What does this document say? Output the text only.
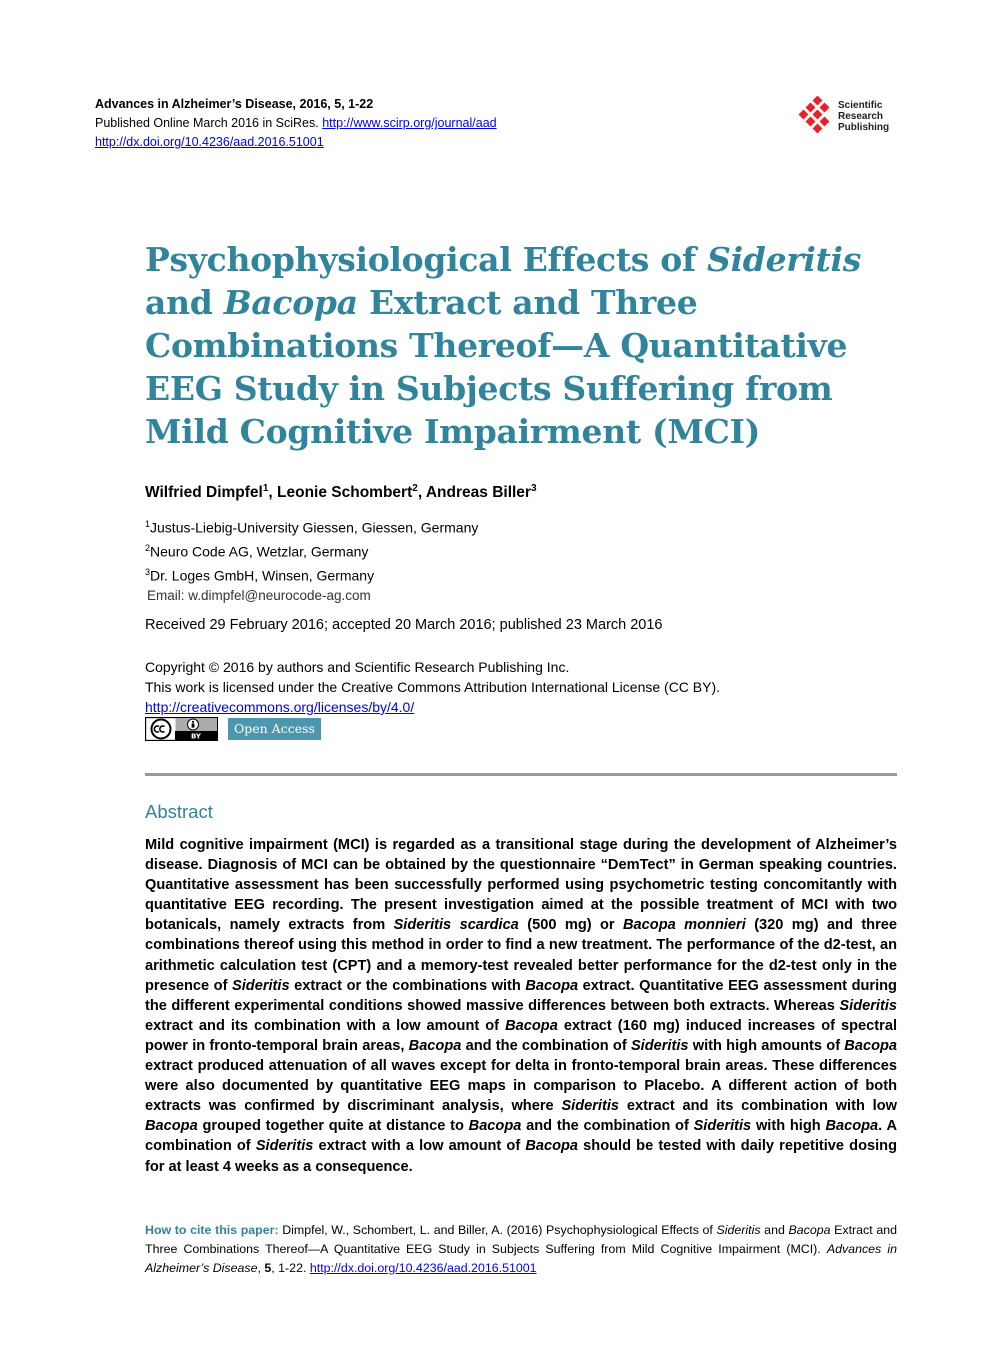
Advances in Alzheimer’s Disease, 2016, 5, 1-22
Published Online March 2016 in SciRes. http://www.scirp.org/journal/aad
http://dx.doi.org/10.4236/aad.2016.51001
Scientific
Research
Publishing
Psychophysiological Effects of Sideritis and Bacopa Extract and Three Combinations Thereof—A Quantitative EEG Study in Subjects Suffering from Mild Cognitive Impairment (MCI)
Wilfried Dimpfel$^1$, Leonie Schombert$^2$, Andreas Biller$^3$
$^1$Justus-Liebig-University Giessen, Giessen, Germany
$^2$Neuro Code AG, Wetzlar, Germany
$^3$Dr. Loges GmbH, Winsen, Germany
Email: w.dimpfel@neurocode-ag.com
Received 29 February 2016; accepted 20 March 2016; published 23 March 2016
Copyright © 2016 by authors and Scientific Research Publishing Inc.
This work is licensed under the Creative Commons Attribution International License (CC BY).
http://creativecommons.org/licenses/by/4.0/
BY
Open Access
Abstract

Mild cognitive impairment (MCI) is regarded as a transitional stage during the development of Alzheimer’s disease. Diagnosis of MCI can be obtained by the questionnaire “DemTect” in German speaking countries. Quantitative assessment has been successfully performed using psychometric testing concomitantly with quantitative EEG recording. The present investigation aimed at the possible treatment of MCI with two botanicals, namely extracts from Sideritis scardica (500 mg) or Bacopa monnieri (320 mg) and three combinations thereof using this method in order to find a new treatment. The performance of the d2-test, an arithmetic calculation test (CPT) and a memory-test revealed better performance for the d2-test only in the presence of Sideritis extract or the combinations with Bacopa extract. Quantitative EEG assessment during the different experimental conditions showed massive differences between both extracts. Whereas Sideritis extract and its combination with a low amount of Bacopa extract (160 mg) induced increases of spectral power in fronto-temporal brain areas, Bacopa and the combination of Sideritis with high amounts of Bacopa extract produced attenuation of all waves except for delta in fronto-temporal brain areas. These differences were also documented by quantitative EEG maps in comparison to Placebo. A different action of both extracts was confirmed by discriminant analysis, where Sideritis extract and its combination with low Bacopa grouped together quite at distance to Bacopa and the combination of Sideritis with high Bacopa. A combination of Sideritis extract with a low amount of Bacopa should be tested with daily repetitive dosing for at least 4 weeks as a consequence.

How to cite this paper: Dimpfel, W., Schombert, L. and Biller, A. (2016) Psychophysiological Effects of Sideritis and Bacopa Extract and Three Combinations Thereof—A Quantitative EEG Study in Subjects Suffering from Mild Cognitive Impairment (MCI). Advances in Alzheimer’s Disease, 5, 1-22. http://dx.doi.org/10.4236/aad.2016.51001
